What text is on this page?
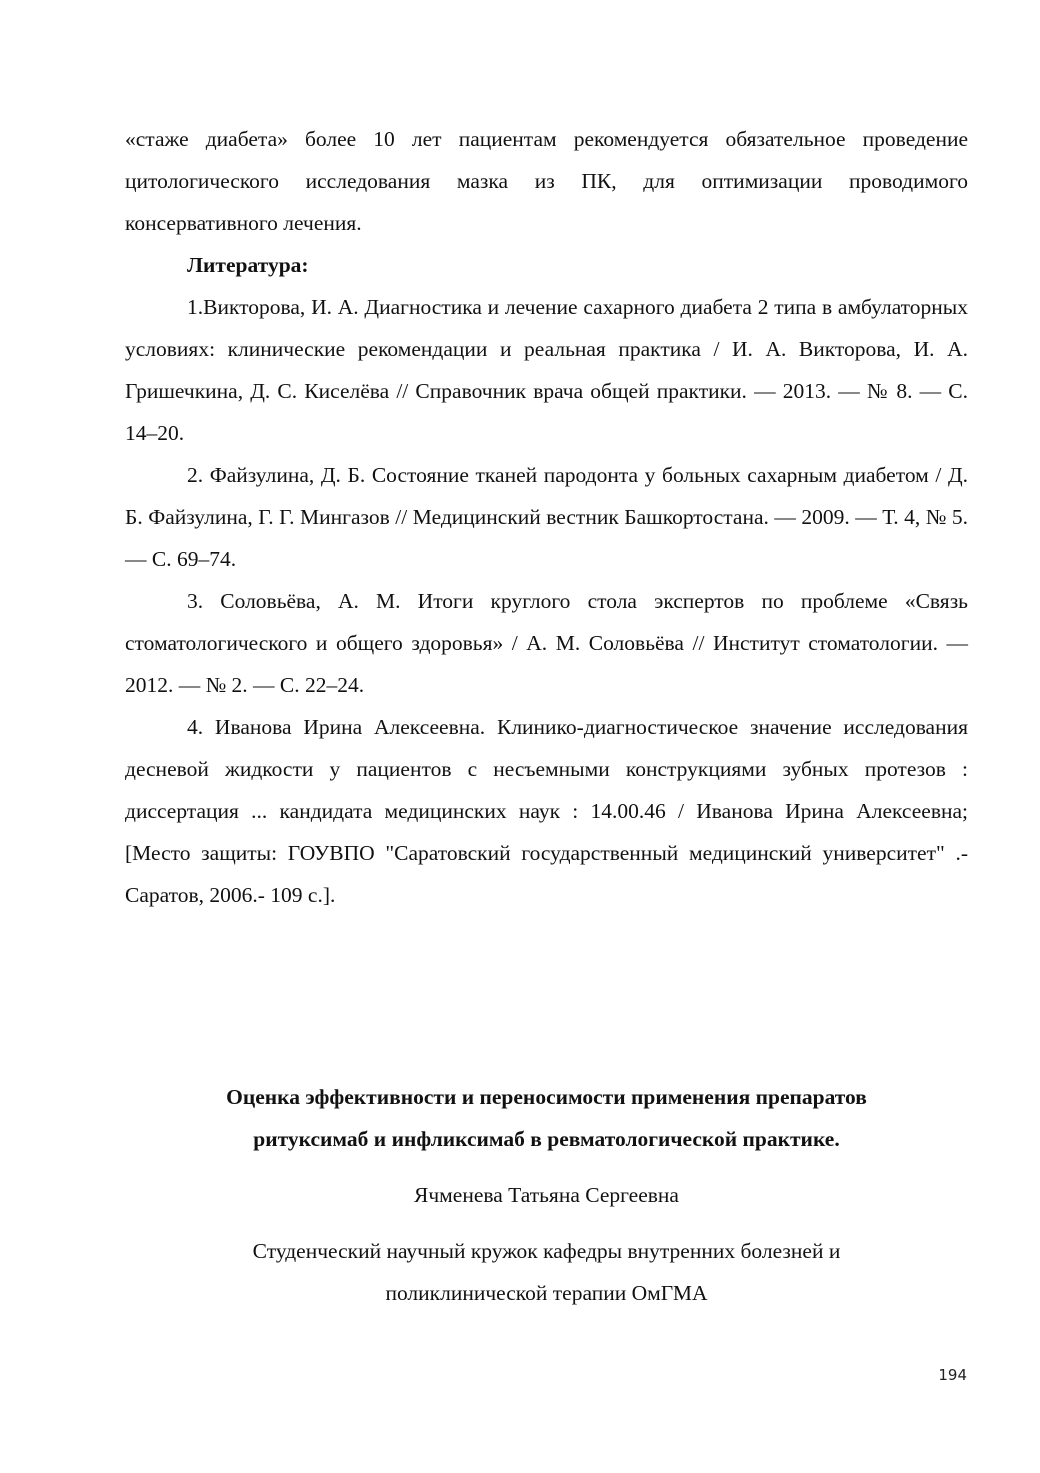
«стаже диабета» более 10 лет пациентам рекомендуется обязательное проведение цитологического исследования мазка из ПК, для оптимизации проводимого консервативного лечения.

Литература:

1.Викторова, И. А. Диагностика и лечение сахарного диабета 2 типа в амбулаторных условиях: клинические рекомендации и реальная практика / И. А. Викторова, И. А. Гришечкина, Д. С. Киселёва // Справочник врача общей практики. — 2013. — № 8. — С. 14–20.

2. Файзулина, Д. Б. Состояние тканей пародонта у больных сахарным диабетом / Д. Б. Файзулина, Г. Г. Мингазов // Медицинский вестник Башкортостана. — 2009. — Т. 4, № 5. — С. 69–74.

3. Соловьёва, А. М. Итоги круглого стола экспертов по проблеме «Связь стоматологического и общего здоровья» / А. М. Соловьёва // Институт стоматологии. — 2012. — № 2. — С. 22–24.

4. Иванова Ирина Алексеевна. Клинико-диагностическое значение исследования десневой жидкости у пациентов с несъемными конструкциями зубных протезов : диссертация ... кандидата медицинских наук : 14.00.46 / Иванова Ирина Алексеевна; [Место защиты: ГОУВПО "Саратовский государственный медицинский университет" .- Саратов, 2006.- 109 с.].

Оценка эффективности и переносимости применения препаратов
ритуксимаб и инфликсимаб в ревматологической практике.

Ячменева Татьяна Сергеевна

Студенческий научный кружок кафедры внутренних болезней и
поликлинической терапии ОмГМА

194
